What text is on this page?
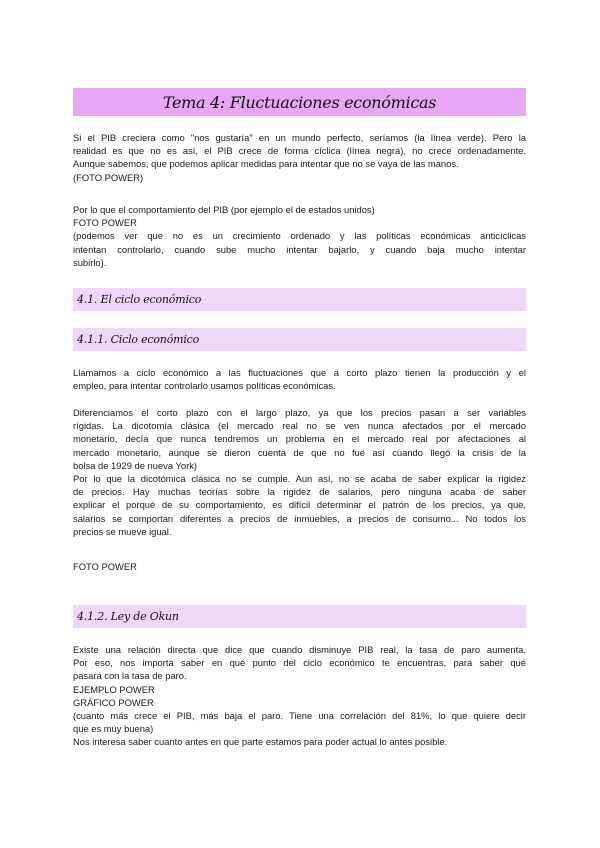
Tema 4: Fluctuaciones económicas
Si el PIB creciera como "nos gustaría" en un mundo perfecto, seríamos (la línea verde). Pero la
realidad es que no es así, el PIB crece de forma cíclica (línea negra), no crece ordenadamente.
Aunque sabemos, que podemos aplicar medidas para intentar que no se vaya de las manos.
(FOTO POWER)
Por lo que el comportamiento del PIB (por ejemplo el de estados unidos)
FOTO POWER
(podemos ver que no es un crecimiento ordenado y las políticas económicas anticíclicas
intentan controlarlo, cuando sube mucho intentar bajarlo, y cuando baja mucho intentar
subirlo).
4.1. El ciclo económico
4.1.1. Ciclo económico
Llamamos a ciclo económico a las fluctuaciones que a corto plazo tienen la producción y el
empleo, para intentar controlarlo usamos políticas económicas.
Diferenciamos el corto plazo con el largo plazo, ya que los precios pasan a ser variables
rígidas. La dicotomía clásica (el mercado real no se ven nunca afectados por el mercado
monetario, decía que nunca tendremos un problema en el mercado real por afectaciones al
mercado monetario, aunque se dieron cuenta de que no fue así cuando llegó la crisis de la
bolsa de 1929 de nueva York)
Por lo que la dicotómica clásica no se cumple. Aun así, no se acaba de saber explicar la rigidez
de precios. Hay muchas teorías sobre la rigidez de salarios, pero ninguna acaba de saber
explicar el porqué de su comportamiento, es difícil determinar el patrón de los precios, ya que,
salarios se comportan diferentes a precios de inmuebles, a precios de consumo... No todos los
precios se mueve igual.
FOTO POWER
4.1.2. Ley de Okun
Existe una relación directa que dice que cuando disminuye PIB real, la tasa de paro aumenta.
Por eso, nos importa saber en qué punto del ciclo económico te encuentras, para saber qué
pasará con la tasa de paro.
EJEMPLO POWER
GRÁFICO POWER
(cuanto más crece el PIB, más baja el paro. Tiene una correlación del 81%, lo que quiere decir
que es muy buena)
Nos interesa saber cuanto antes en que parte estamos para poder actual lo antes posible.
